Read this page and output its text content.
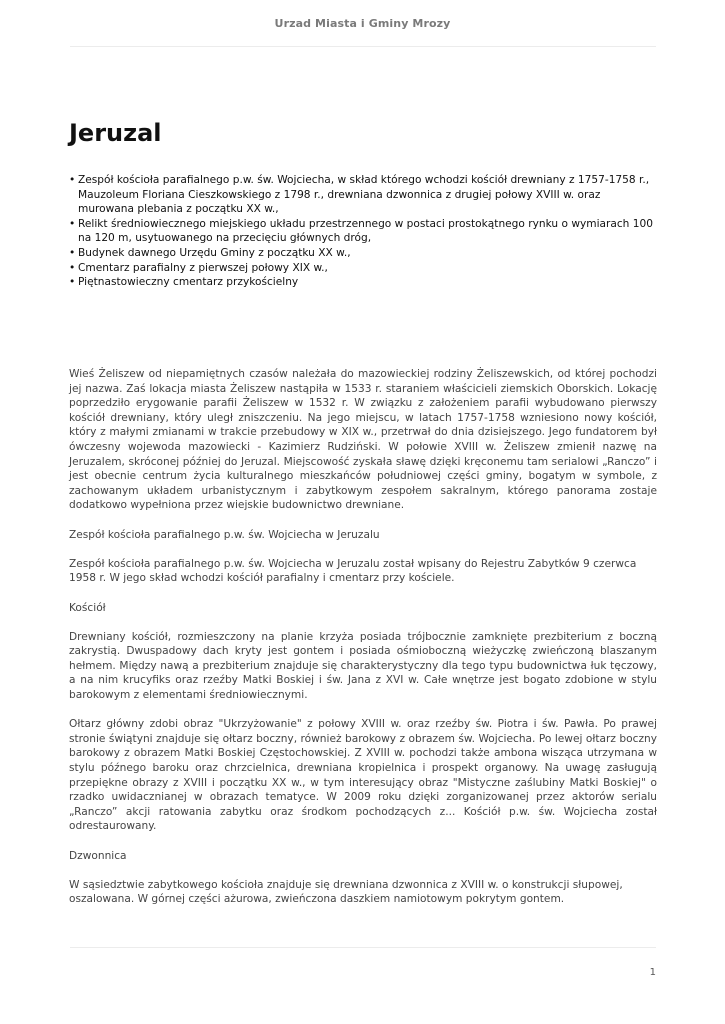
Urzad Miasta i Gminy Mrozy
Jeruzal
• Zespół kościoła parafialnego p.w. św. Wojciecha, w skład którego wchodzi kościół drewniany z 1757-1758 r., Mauzoleum Floriana Cieszkowskiego z 1798 r., drewniana dzwonnica z drugiej połowy XVIII w. oraz murowana plebania z początku XX w.,
• Relikt średniowiecznego miejskiego układu przestrzennego w postaci prostokątnego rynku o wymiarach 100 na 120 m, usytuowanego na przecięciu głównych dróg,
• Budynek dawnego Urzędu Gminy z początku XX w.,
• Cmentarz parafialny z pierwszej połowy XIX w.,
• Piętnastowieczny cmentarz przykościelny

Wieś Żeliszew od niepamiętnych czasów należała do mazowieckiej rodziny Żeliszewskich, od której pochodzi jej nazwa. Zaś lokacja miasta Żeliszew nastąpiła w 1533 r. staraniem właścicieli ziemskich Oborskich. Lokację poprzedziło erygowanie parafii Żeliszew w 1532 r. W związku z założeniem parafii wybudowano pierwszy kościół drewniany, który uległ zniszczeniu. Na jego miejscu, w latach 1757-1758 wzniesiono nowy kościół, który z małymi zmianami w trakcie przebudowy w XIX w., przetrwał do dnia dzisiejszego. Jego fundatorem był ówczesny wojewoda mazowiecki - Kazimierz Rudziński. W połowie XVIII w. Żeliszew zmienił nazwę na Jeruzalem, skróconej później do Jeruzal. Miejscowość zyskała sławę dzięki kręconemu tam serialowi „Ranczo” i jest obecnie centrum życia kulturalnego mieszkańców południowej części gminy, bogatym w symbole, z zachowanym układem urbanistycznym i zabytkowym zespołem sakralnym, którego panorama zostaje dodatkowo wypełniona przez wiejskie budownictwo drewniane.

Zespół kościoła parafialnego p.w. św. Wojciecha w Jeruzalu

Zespół kościoła parafialnego p.w. św. Wojciecha w Jeruzalu został wpisany do Rejestru Zabytków 9 czerwca 1958 r. W jego skład wchodzi kościół parafialny i cmentarz przy kościele.

Kościół

Drewniany kościół, rozmieszczony na planie krzyża posiada trójbocznie zamknięte prezbiterium z boczną zakrystią. Dwuspadowy dach kryty jest gontem i posiada ośmioboczną wieżyczkę zwieńczoną blaszanym hełmem. Między nawą a prezbiterium znajduje się charakterystyczny dla tego typu budownictwa łuk tęczowy, a na nim krucyfiks oraz rzeźby Matki Boskiej i św. Jana z XVI w. Całe wnętrze jest bogato zdobione w stylu barokowym z elementami średniowiecznymi.

Ołtarz główny zdobi obraz "Ukrzyżowanie" z połowy XVIII w. oraz rzeźby św. Piotra i św. Pawła. Po prawej stronie świątyni znajduje się ołtarz boczny, również barokowy z obrazem św. Wojciecha. Po lewej ołtarz boczny barokowy z obrazem Matki Boskiej Częstochowskiej. Z XVIII w. pochodzi także ambona wisząca utrzymana w stylu późnego baroku oraz chrzcielnica, drewniana kropielnica i prospekt organowy. Na uwagę zasługują przepiękne obrazy z XVIII i początku XX w., w tym interesujący obraz "Mistyczne zaślubiny Matki Boskiej" o rzadko uwidacznianej w obrazach tematyce. W 2009 roku dzięki zorganizowanej przez aktorów serialu „Ranczo” akcji ratowania zabytku oraz środkom pochodzących z... Kościół p.w. św. Wojciecha został odrestaurowany.

Dzwonnica

W sąsiedztwie zabytkowego kościoła znajduje się drewniana dzwonnica z XVIII w. o konstrukcji słupowej, oszalowana. W górnej części ażurowa, zwieńczona daszkiem namiotowym pokrytym gontem.

1
